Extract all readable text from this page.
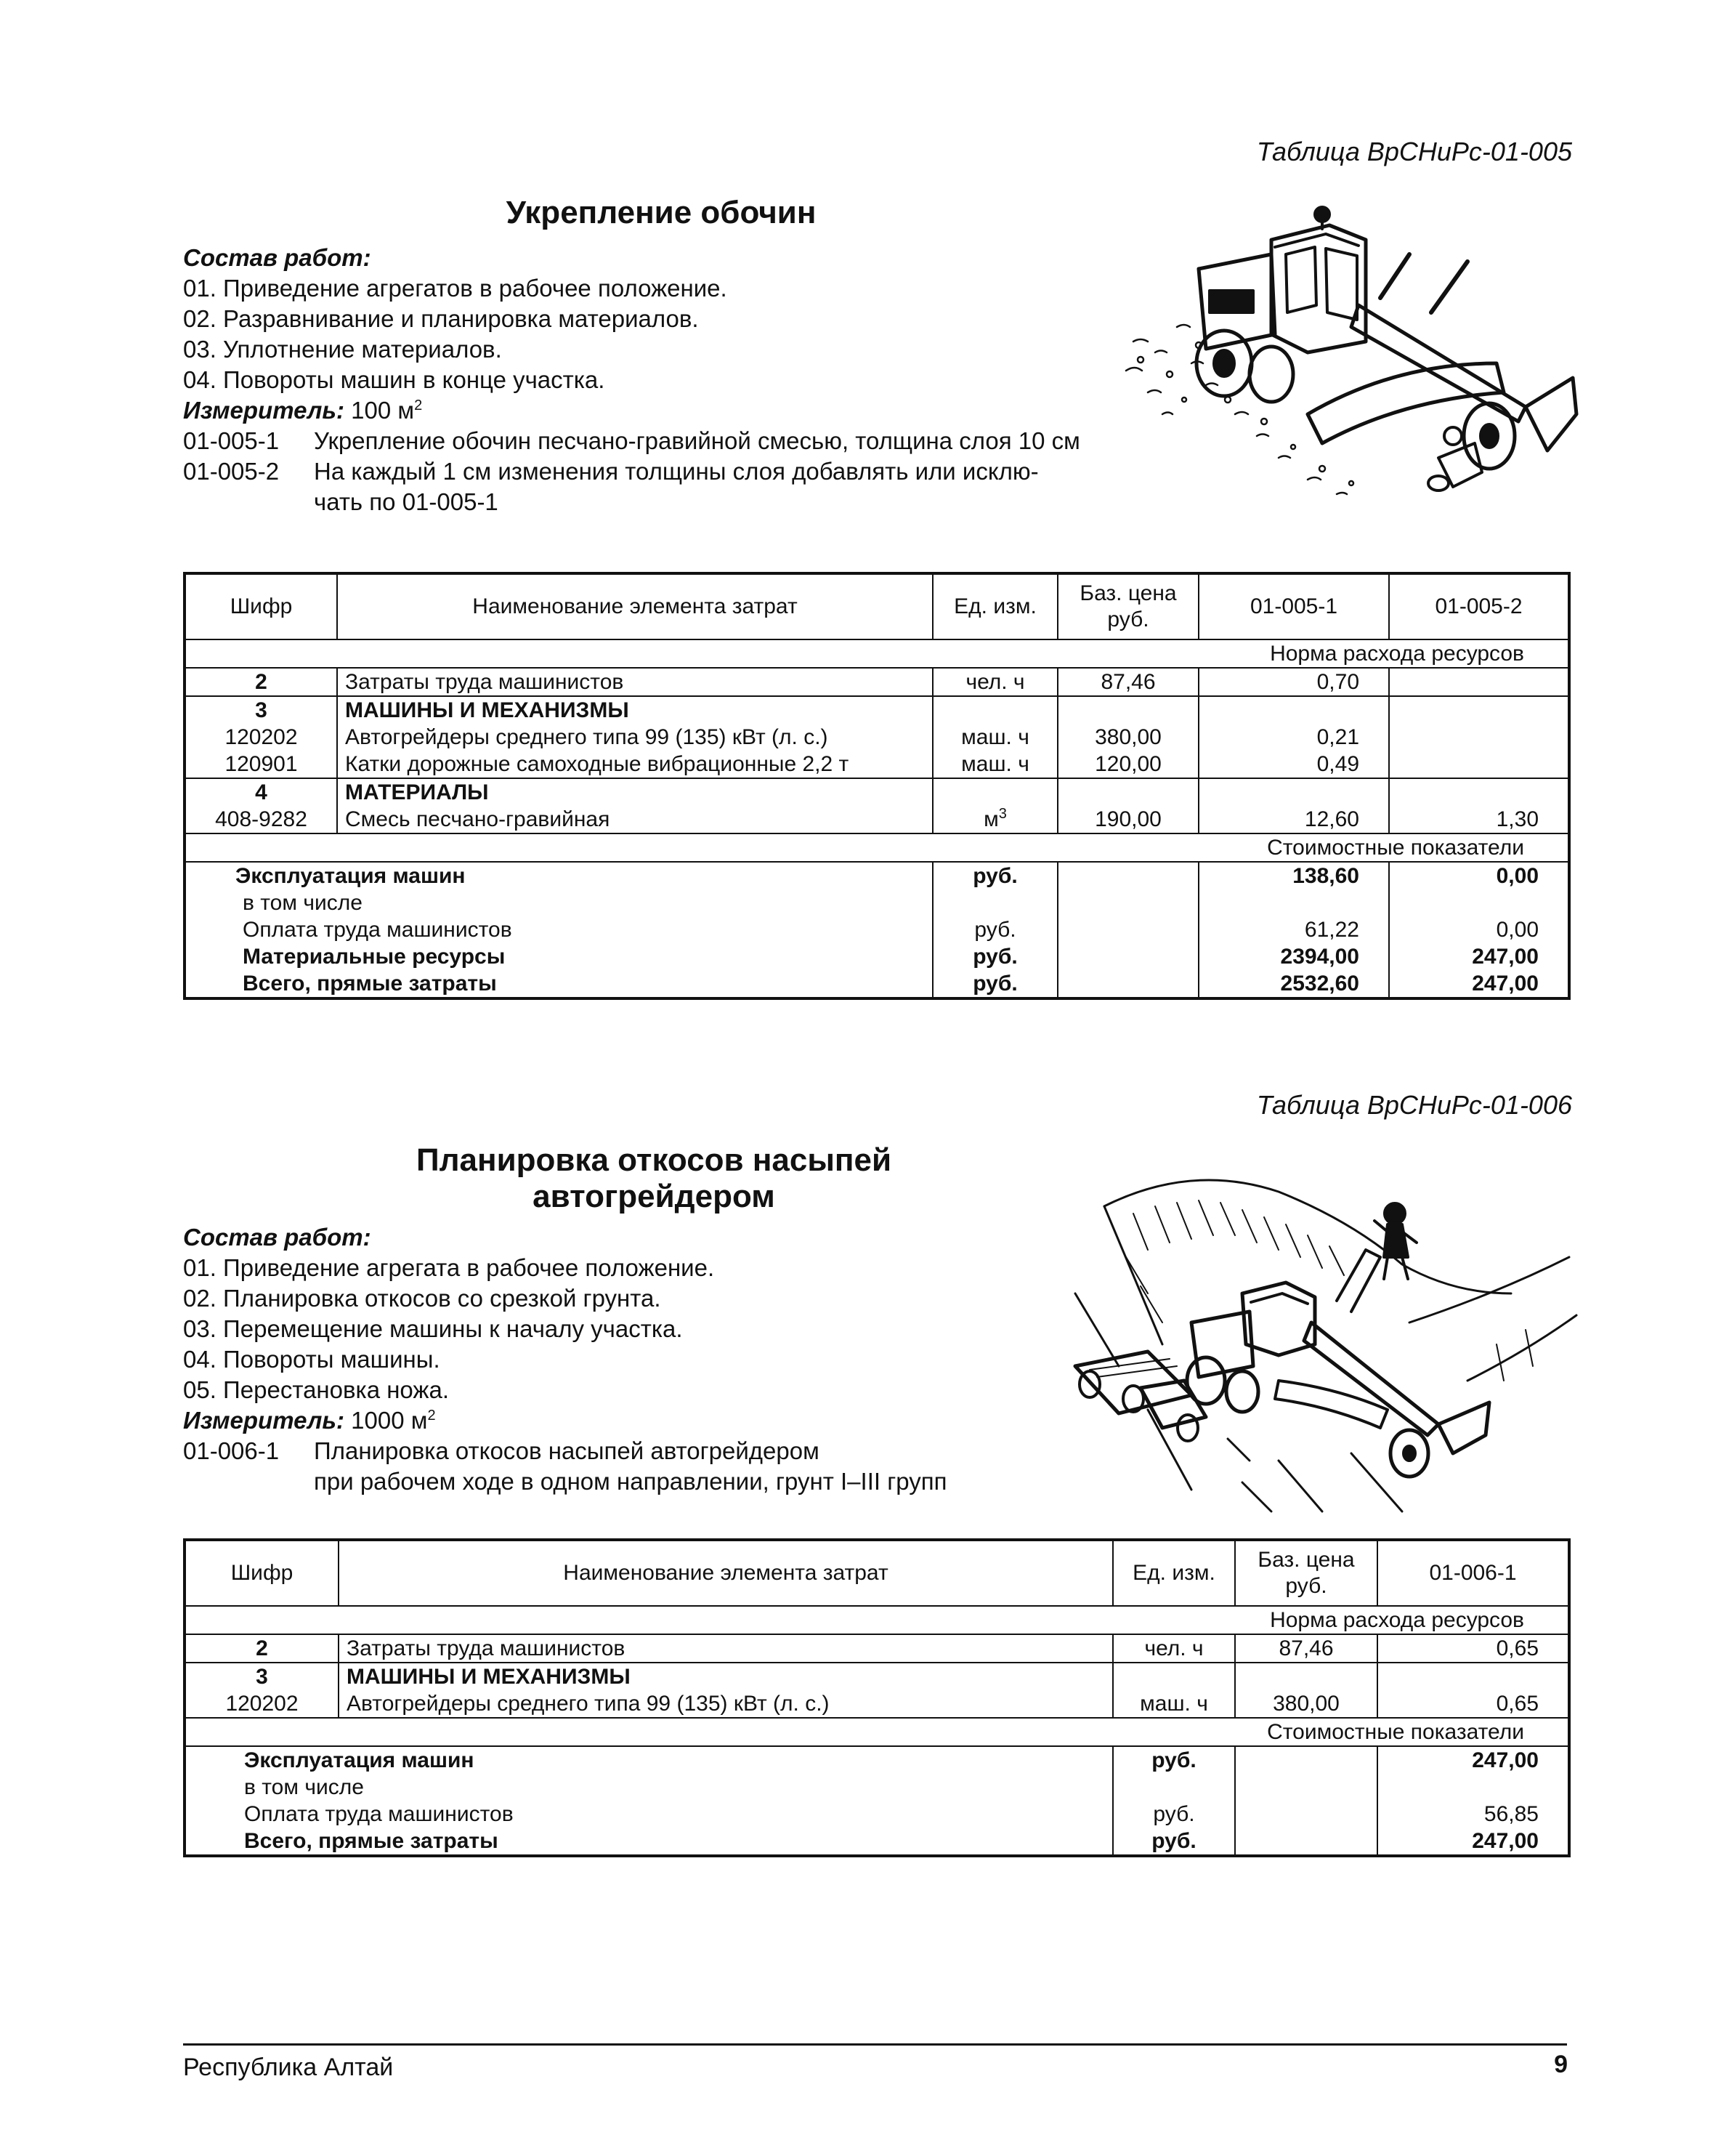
Таблица ВрСНиРс-01-005
Укрепление обочин
Состав работ:
01. Приведение агрегатов в рабочее положение.
02. Разравнивание и планировка материалов.
03. Уплотнение материалов.
04. Повороты машин в конце участка.
Измеритель: 100 $м^2$
01-005-1 Укрепление обочин песчано-гравийной смесью, толщина слоя 10 см
01-005-2 На каждый 1 см изменения толщины слоя добавлять или исклю-
чать по 01-005-1
Шифр	Наименование элемента затрат	Ед. изм.	Баз. цена руб.	01-005-1	01-005-2
Норма расхода ресурсов					
2	Затраты труда машинистов	чел. ч	87,46	0,70	
3	МАШИНЫ И МЕХАНИЗМЫ				
120202	Автогрейдеры среднего типа 99 (135) кВт (л. с.)	маш. ч	380,00	0,21	
120901	Катки дорожные самоходные вибрационные 2,2 т	маш. ч	120,00	0,49	
4	МАТЕРИАЛЫ				
408-9282	Смесь песчано-гравийная	$м^3$	190,00	12,60	1,30
Стоимостные показатели					
	Эксплуатация машин	руб.		138,60	0,00
	в том числе				
	Оплата труда машинистов	руб.		61,22	0,00
	Материальные ресурсы	руб.		2394,00	247,00
	Всего, прямые затраты	руб.		2532,60	247,00
Таблица ВрСНиРс-01-006
Планировка откосов насыпей
автогрейдером
Состав работ:
01. Приведение агрегата в рабочее положение.
02. Планировка откосов со срезкой грунта.
03. Перемещение машины к началу участка.
04. Повороты машины.
05. Перестановка ножа.
Измеритель: 1000 $м^2$
01-006-1 Планировка откосов насыпей автогрейдером
при рабочем ходе в одном направлении, грунт I–III групп
Шифр	Наименование элемента затрат	Ед. изм.	Баз. цена руб.	01-006-1
Норма расхода ресурсов				
2	Затраты труда машинистов	чел. ч	87,46	0,65
3	МАШИНЫ И МЕХАНИЗМЫ			
120202	Автогрейдеры среднего типа 99 (135) кВт (л. с.)	маш. ч	380,00	0,65
Стоимостные показатели				
	Эксплуатация машин	руб.		247,00
	в том числе			
	Оплата труда машинистов	руб.		56,85
	Всего, прямые затраты	руб.		247,00
Республика Алтай	9
